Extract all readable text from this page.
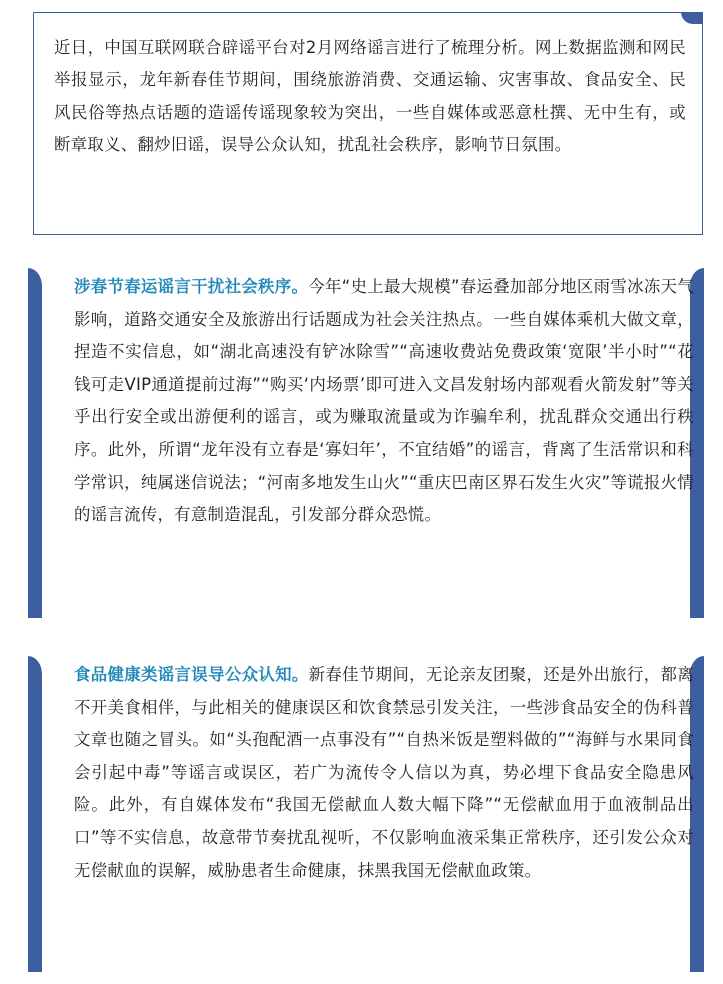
近日，中国互联网联合辟谣平台对2月网络谣言进行了梳理分析。网上数据监测和网民举报显示，龙年新春佳节期间，围绕旅游消费、交通运输、灾害事故、食品安全、民风民俗等热点话题的造谣传谣现象较为突出，一些自媒体或恶意杜撰、无中生有，或断章取义、翻炒旧谣，误导公众认知，扰乱社会秩序，影响节日氛围。

涉春节春运谣言干扰社会秩序。今年“史上最大规模”春运叠加部分地区雨雪冰冻天气影响，道路交通安全及旅游出行话题成为社会关注热点。一些自媒体乘机大做文章，捏造不实信息，如“湖北高速没有铲冰除雪”“高速收费站免费政策‘宽限’半小时”“花钱可走VIP通道提前过海”“购买‘内场票’即可进入文昌发射场内部观看火箭发射”等关乎出行安全或出游便利的谣言，或为赚取流量或为诈骗牟利，扰乱群众交通出行秩序。此外，所谓“龙年没有立春是‘寡妇年’，不宜结婚”的谣言，背离了生活常识和科学常识，纯属迷信说法；“河南多地发生山火”“重庆巴南区界石发生火灾”等谎报火情的谣言流传，有意制造混乱，引发部分群众恐慌。

食品健康类谣言误导公众认知。新春佳节期间，无论亲友团聚，还是外出旅行，都离不开美食相伴，与此相关的健康误区和饮食禁忌引发关注，一些涉食品安全的伪科普文章也随之冒头。如“头孢配酒一点事没有”“自热米饭是塑料做的”“海鲜与水果同食会引起中毒”等谣言或误区，若广为流传令人信以为真，势必埋下食品安全隐患风险。此外，有自媒体发布“我国无偿献血人数大幅下降”“无偿献血用于血液制品出口”等不实信息，故意带节奏扰乱视听，不仅影响血液采集正常秩序，还引发公众对无偿献血的误解，威胁患者生命健康，抹黑我国无偿献血政策。
